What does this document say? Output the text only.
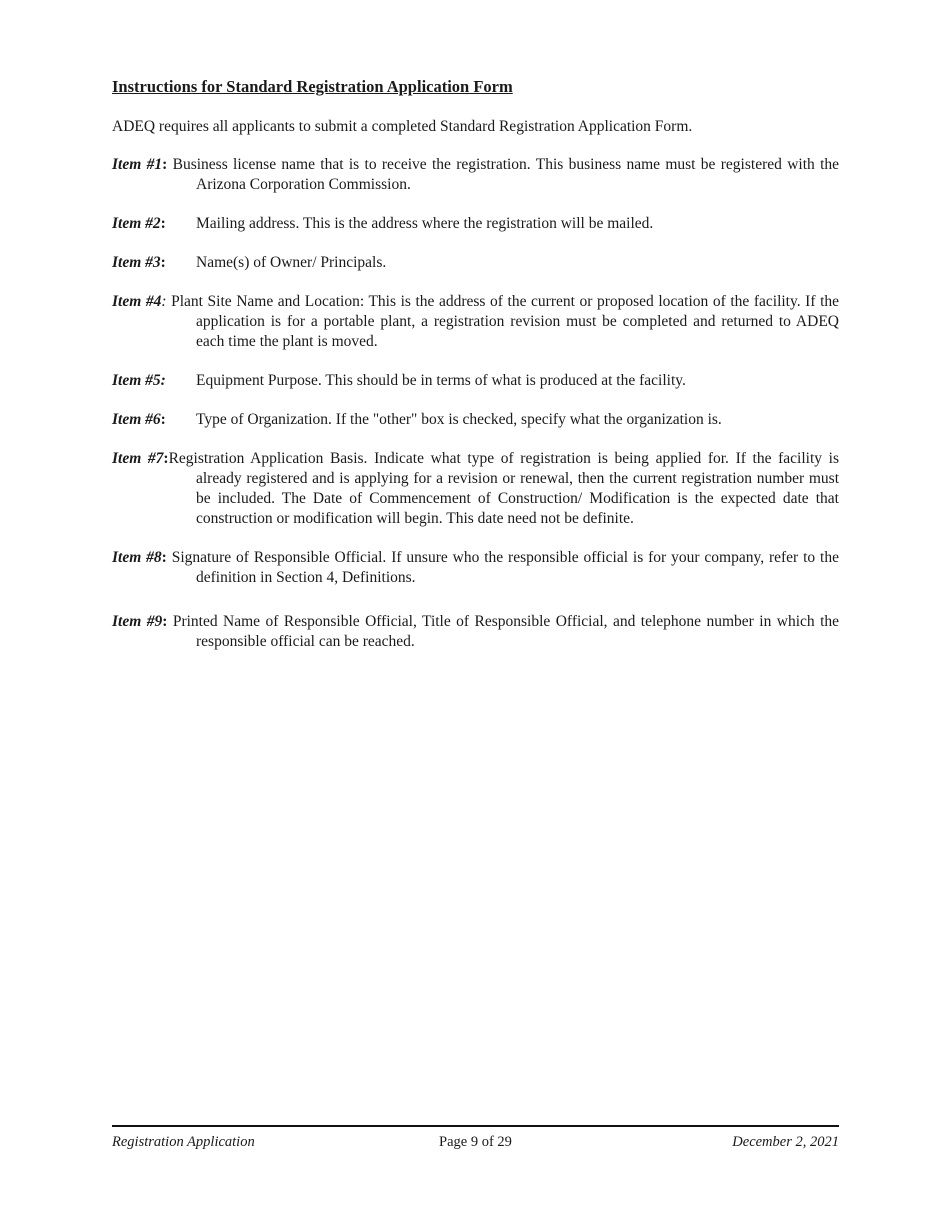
Instructions for Standard Registration Application Form
ADEQ requires all applicants to submit a completed Standard Registration Application Form.
Item #1: Business license name that is to receive the registration. This business name must be registered with the Arizona Corporation Commission.
Item #2: Mailing address. This is the address where the registration will be mailed.
Item #3: Name(s) of Owner/ Principals.
Item #4: Plant Site Name and Location: This is the address of the current or proposed location of the facility. If the application is for a portable plant, a registration revision must be completed and returned to ADEQ each time the plant is moved.
Item #5: Equipment Purpose. This should be in terms of what is produced at the facility.
Item #6: Type of Organization. If the "other" box is checked, specify what the organization is.
Item #7:Registration Application Basis. Indicate what type of registration is being applied for. If the facility is already registered and is applying for a revision or renewal, then the current registration number must be included. The Date of Commencement of Construction/ Modification is the expected date that construction or modification will begin. This date need not be definite.
Item #8: Signature of Responsible Official. If unsure who the responsible official is for your company, refer to the definition in Section 4, Definitions.
Item #9: Printed Name of Responsible Official, Title of Responsible Official, and telephone number in which the responsible official can be reached.
Registration Application	Page 9 of 29	December 2, 2021
